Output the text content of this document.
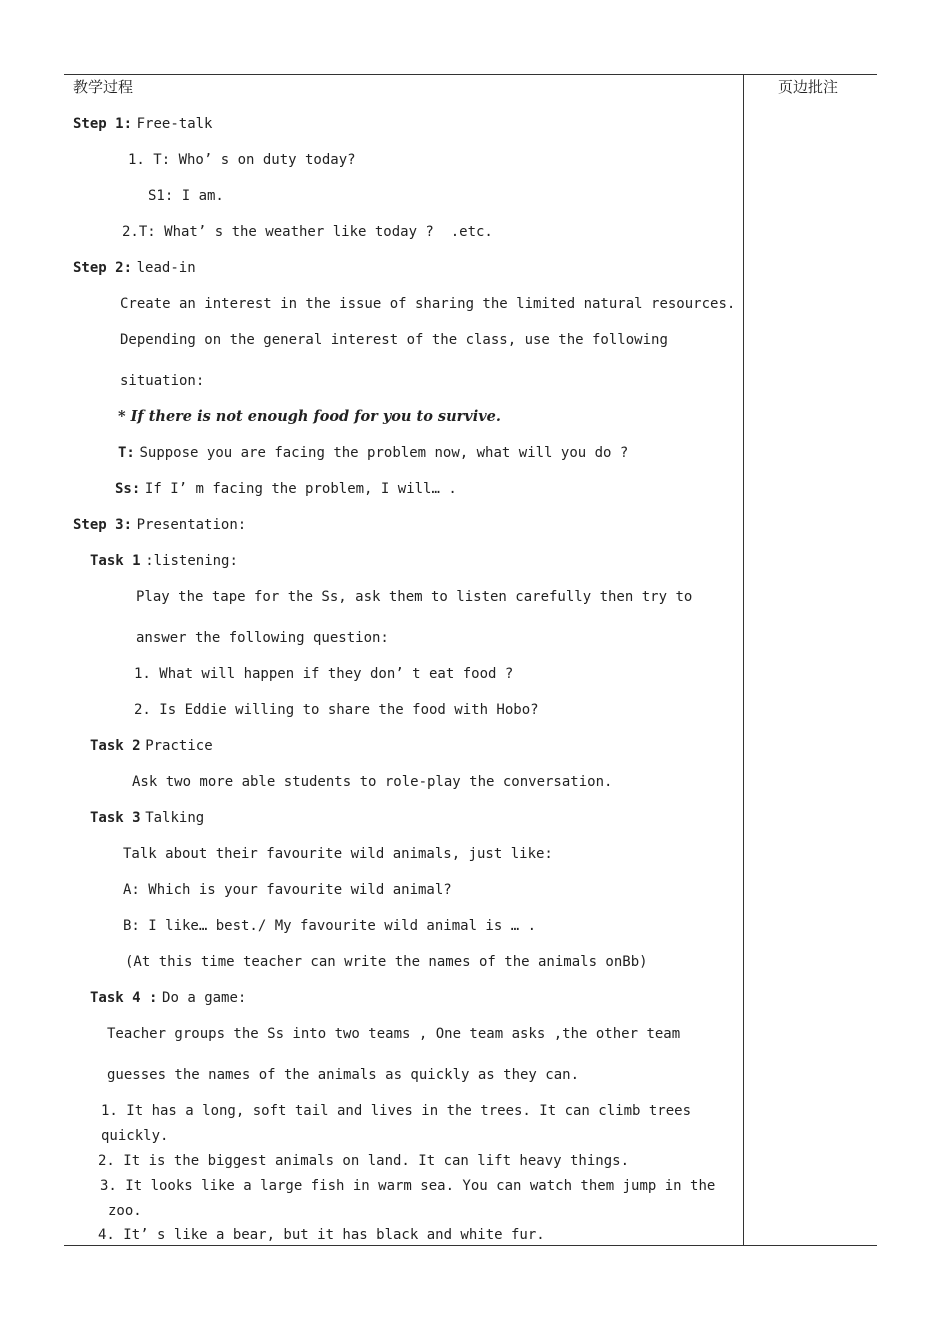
教学过程	页边批注
Step 1: Free-talk
1. T: Who’ s on duty today?
S1: I am.
2.T: What’ s the weather like today ?  .etc.
Step 2: lead-in
Create an interest in the issue of sharing the limited natural resources.
Depending on the general interest of the class, use the following
situation:
* If there is not enough food for you to survive.
T: Suppose you are facing the problem now, what will you do ?
Ss: If I’ m facing the problem, I will… .
Step 3: Presentation:
Task 1 :listening:
Play the tape for the Ss, ask them to listen carefully then try to
answer the following question:
1. What will happen if they don’ t eat food ?
2. Is Eddie willing to share the food with Hobo?
Task 2 Practice
Ask two more able students to role-play the conversation.
Task 3 Talking
Talk about their favourite wild animals, just like:
A: Which is your favourite wild animal?
B: I like… best./ My favourite wild animal is … .
(At this time teacher can write the names of the animals onBb)
Task 4 : Do a game:
Teacher groups the Ss into two teams , One team asks ,the other team
guesses the names of the animals as quickly as they can.
1. It has a long, soft tail and lives in the trees. It can climb trees
quickly.
2. It is the biggest animals on land. It can lift heavy things.
3. It looks like a large fish in warm sea. You can watch them jump in the
zoo.
4. It’ s like a bear, but it has black and white fur.
